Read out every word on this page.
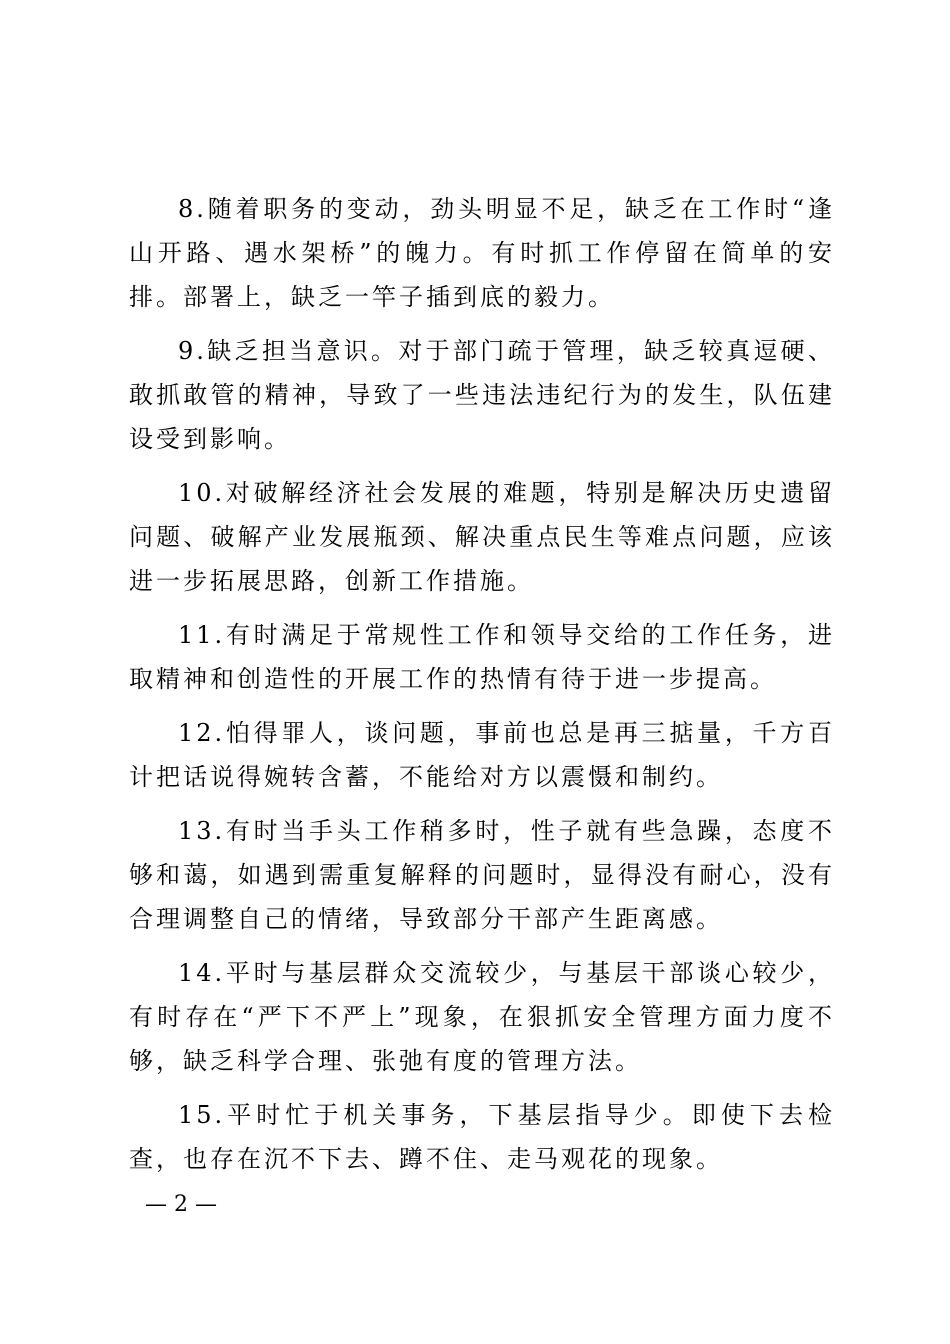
8.随着职务的变动，劲头明显不足，缺乏在工作时“逢山开路、遇水架桥”的魄力。有时抓工作停留在简单的安排。部署上，缺乏一竿子插到底的毅力。

9.缺乏担当意识。对于部门疏于管理，缺乏较真逗硬、敢抓敢管的精神，导致了一些违法违纪行为的发生，队伍建设受到影响。

10.对破解经济社会发展的难题，特别是解决历史遗留问题、破解产业发展瓶颈、解决重点民生等难点问题，应该进一步拓展思路，创新工作措施。

11.有时满足于常规性工作和领导交给的工作任务，进取精神和创造性的开展工作的热情有待于进一步提高。

12.怕得罪人，谈问题，事前也总是再三掂量，千方百计把话说得婉转含蓄，不能给对方以震慑和制约。

13.有时当手头工作稍多时，性子就有些急躁，态度不够和蔼，如遇到需重复解释的问题时，显得没有耐心，没有合理调整自己的情绪，导致部分干部产生距离感。

14.平时与基层群众交流较少，与基层干部谈心较少，有时存在“严下不严上”现象，在狠抓安全管理方面力度不够，缺乏科学合理、张弛有度的管理方法。

15.平时忙于机关事务，下基层指导少。即使下去检查，也存在沉不下去、蹲不住、走马观花的现象。

— 2 —
